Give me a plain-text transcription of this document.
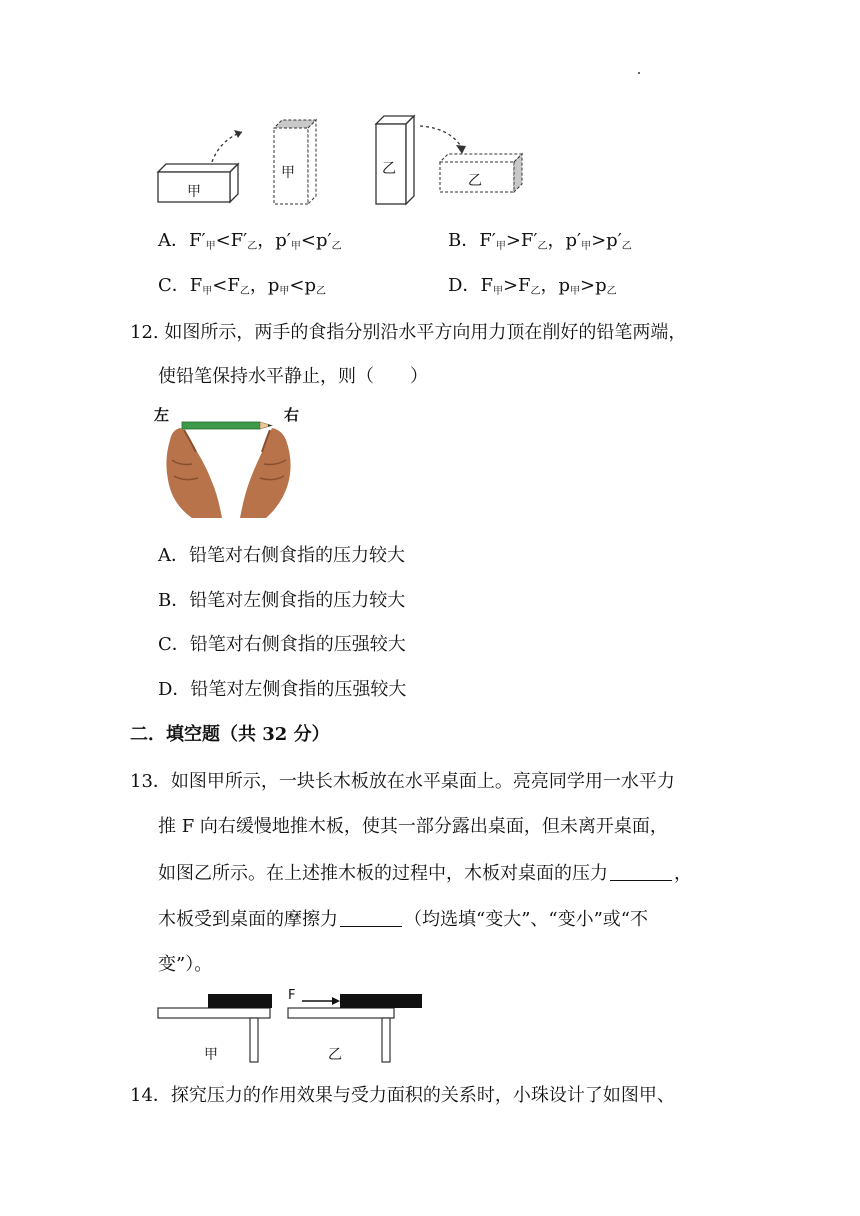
甲
甲	乙
乙
A．$F'_甲<F'_乙$，$p'_甲<p'_乙$	B．$F'_甲>F'_乙$，$p'_甲>p'_乙$
C．$F_甲<F_乙$，$p_甲<p_乙$	D．$F_甲>F_乙$，$p_甲>p_乙$
12. 如图所示，两手的食指分别沿水平方向用力顶在削好的铅笔两端，
使铅笔保持水平静止，则（　　）
左	右
A．铅笔对右侧食指的压力较大
B．铅笔对左侧食指的压力较大
C．铅笔对右侧食指的压强较大
D．铅笔对左侧食指的压强较大
二．填空题（共 32 分）
13．如图甲所示，一块长木板放在水平桌面上。亮亮同学用一水平力
推 F 向右缓慢地推木板，使其一部分露出桌面，但未离开桌面，
如图乙所示。在上述推木板的过程中，木板对桌面的压力	，
木板受到桌面的摩擦力	（均选填“变大”、“变小”或“不
变”）。
F
甲	乙
14．探究压力的作用效果与受力面积的关系时，小珠设计了如图甲、
